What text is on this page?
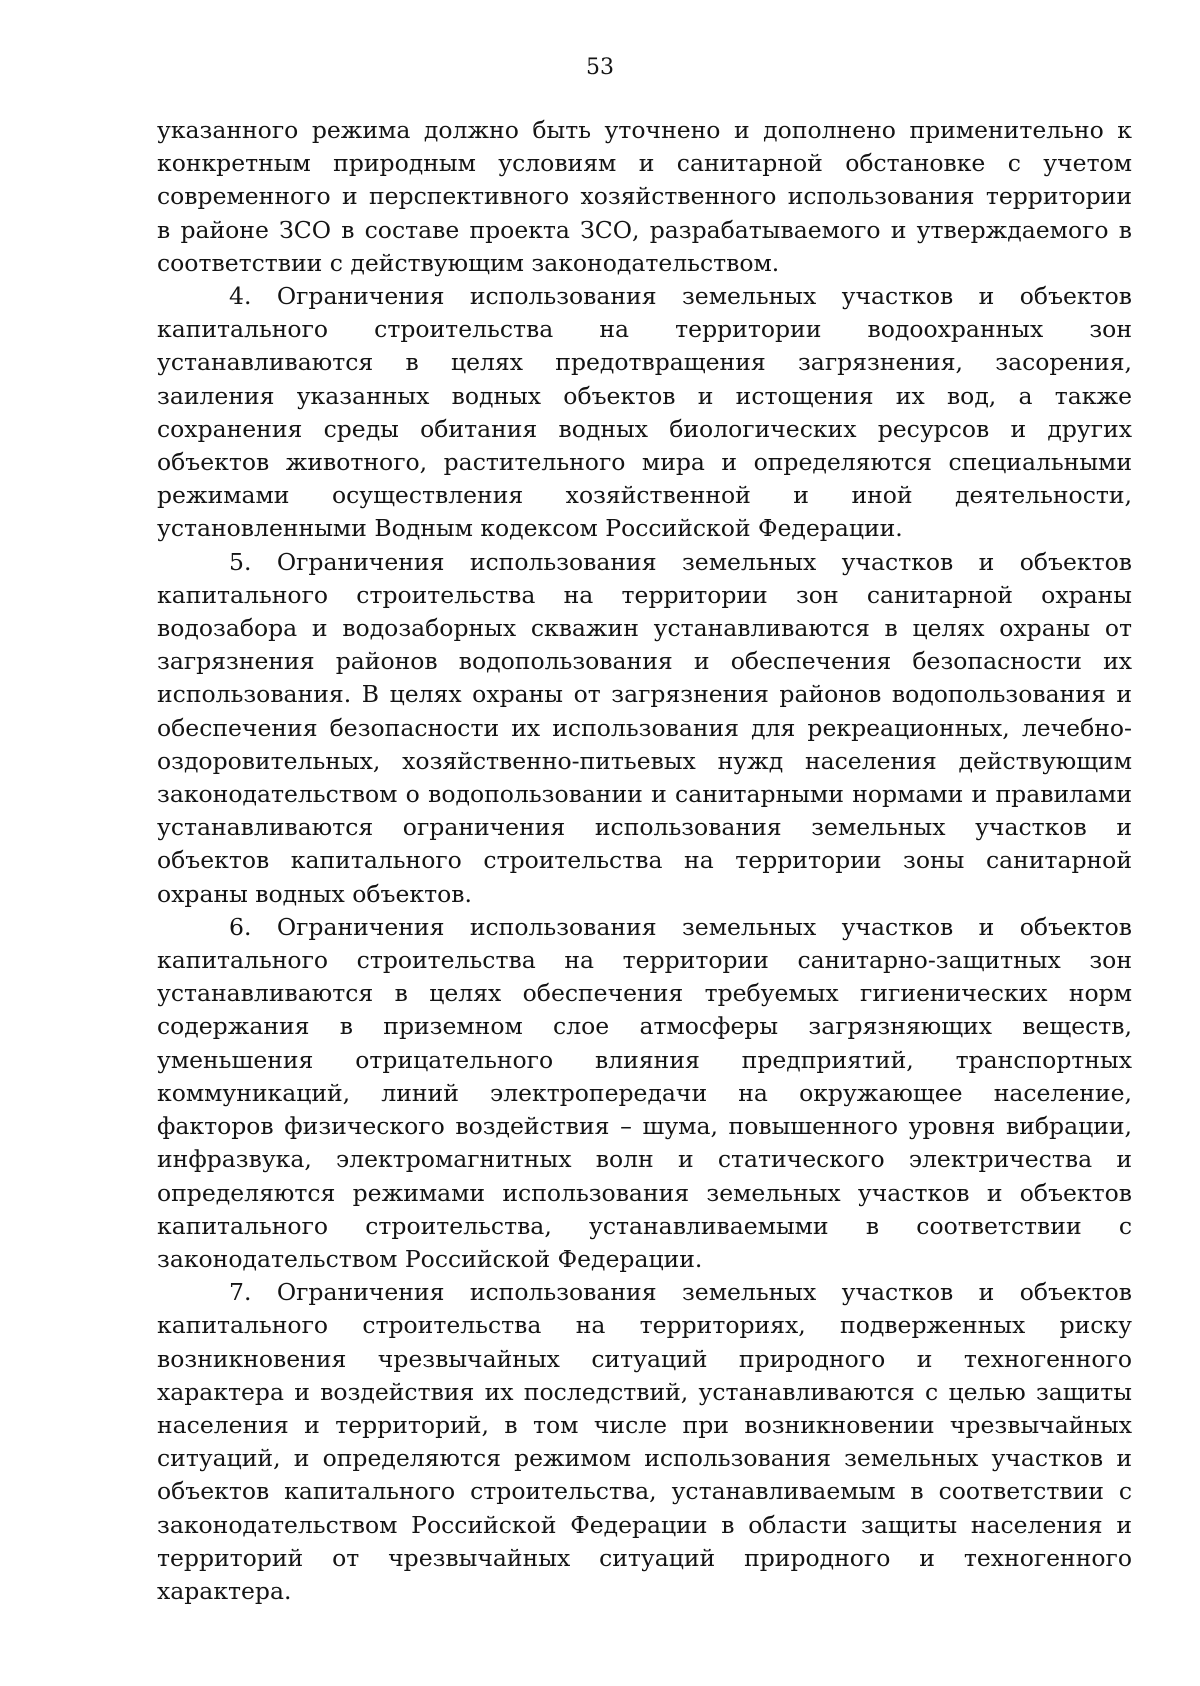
53

указанного режима должно быть уточнено и дополнено применительно к конкретным природным условиям и санитарной обстановке с учетом современного и перспективного хозяйственного использования территории в районе ЗСО в составе проекта ЗСО, разрабатываемого и утверждаемого в соответствии с действующим законодательством.

4. Ограничения использования земельных участков и объектов капитального строительства на территории водоохранных зон устанавливаются в целях предотвращения загрязнения, засорения, заиления указанных водных объектов и истощения их вод, а также сохранения среды обитания водных биологических ресурсов и других объектов животного, растительного мира и определяются специальными режимами осуществления хозяйственной и иной деятельности, установленными Водным кодексом Российской Федерации.

5. Ограничения использования земельных участков и объектов капитального строительства на территории зон санитарной охраны водозабора и водозаборных скважин устанавливаются в целях охраны от загрязнения районов водопользования и обеспечения безопасности их использования. В целях охраны от загрязнения районов водопользования и обеспечения безопасности их использования для рекреационных, лечебно-оздоровительных, хозяйственно-питьевых нужд населения действующим законодательством о водопользовании и санитарными нормами и правилами устанавливаются ограничения использования земельных участков и объектов капитального строительства на территории зоны санитарной охраны водных объектов.

6. Ограничения использования земельных участков и объектов капитального строительства на территории санитарно-защитных зон устанавливаются в целях обеспечения требуемых гигиенических норм содержания в приземном слое атмосферы загрязняющих веществ, уменьшения отрицательного влияния предприятий, транспортных коммуникаций, линий электропередачи на окружающее население, факторов физического воздействия – шума, повышенного уровня вибрации, инфразвука, электромагнитных волн и статического электричества и определяются режимами использования земельных участков и объектов капитального строительства, устанавливаемыми в соответствии с законодательством Российской Федерации.

7. Ограничения использования земельных участков и объектов капитального строительства на территориях, подверженных риску возникновения чрезвычайных ситуаций природного и техногенного характера и воздействия их последствий, устанавливаются с целью защиты населения и территорий, в том числе при возникновении чрезвычайных ситуаций, и определяются режимом использования земельных участков и объектов капитального строительства, устанавливаемым в соответствии с законодательством Российской Федерации в области защиты населения и территорий от чрезвычайных ситуаций природного и техногенного характера.
